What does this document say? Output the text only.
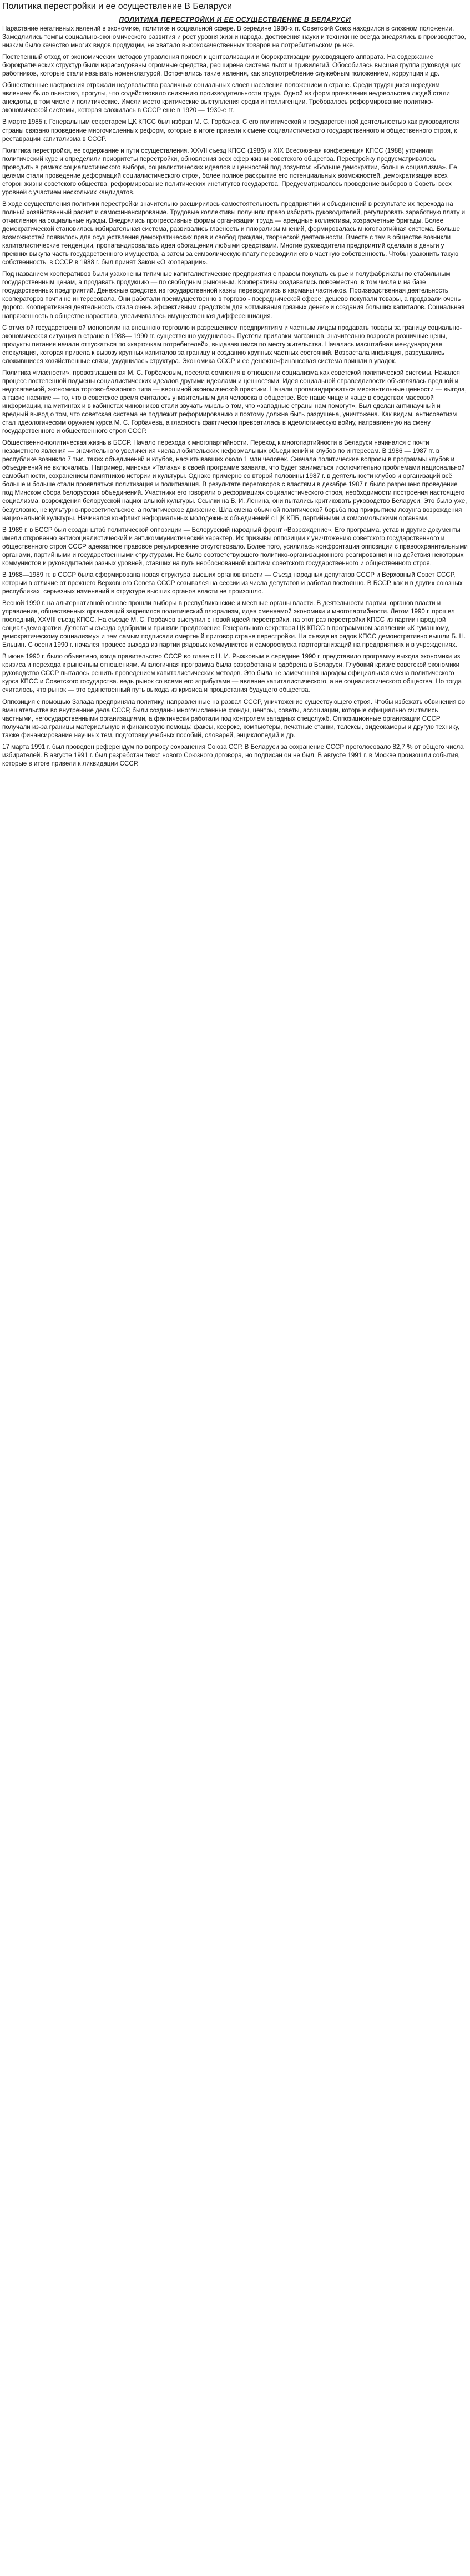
Политика перестройки и ее осуществление В Беларуси
ПОЛИТИКА ПЕРЕСТРОЙКИ И ЕЕ ОСУЩЕСТВЛЕНИЕ В БЕЛАРУСИ

Нарастание негативных явлений в экономике, политике и социальной сфере. В середине 1980-х гг. Советский Союз находился в сложном положении. Замедлились темпы социально-экономического развития и рост уровня жизни народа, достижения науки и техники не всегда внедрялись в производство, низким было качество многих видов продукции, не хватало высококачественных товаров на потребительском рынке.

Постепенный отход от экономических методов управления привел к централизации и бюрократизации руководящего аппарата. На содержание бюрократических структур были израсходованы огромные средства, расширена система льгот и привилегий. Обособилась высшая группа руководящих работников, которые стали называть номенклатурой. Встречались такие явления, как злоупотребление служебным положением, коррупция и др.

Общественные настроения отражали недовольство различных социальных слоев населения положением в стране. Среди трудящихся нередким явлением было пьянство, прогулы, что содействовало снижению производительности труда. Одной из форм проявления недовольства людей стали анекдоты, в том числе и политические. Имели место критические выступления среди интеллигенции. Требовалось реформирование политико-экономической системы, которая сложилась в СССР еще в 1920 — 1930-е гг.

В марте 1985 г. Генеральным секретарем ЦК КПСС был избран М. С. Горбачев. С его политической и государственной деятельностью как руководителя страны связано проведение многочисленных реформ, которые в итоге привели к смене социалистического государственного и общественного строя, к реставрации капитализма в СССР.

Политика перестройки, ее содержание и пути осуществления. XXVII съезд КПСС (1986) и XIX Всесоюзная конференция КПСС (1988) уточнили политический курс и определили приоритеты перестройки, обновления всех сфер жизни советского общества. Перестройку предусматривалось проводить в рамках социалистического выбора, социалистических идеалов и ценностей под лозунгом: «Больше демократии, больше социализма». Ее целями стали проведение деформаций социалистического строя, более полное раскрытие его потенциальных возможностей, демократизация всех сторон жизни советского общества, реформирование политических институтов государства. Предусматривалось проведение выборов в Советы всех уровней с участием нескольких кандидатов.

В ходе осуществления политики перестройки значительно расширилась самостоятельность предприятий и объединений в результате их перехода на полный хозяйственный расчет и самофинансирование. Трудовые коллективы получили право избирать руководителей, регулировать заработную плату и отчисления на социальные нужды. Внедрялись прогрессивные формы организации труда — арендные коллективы, хозрасчетные бригады. Более демократической становилась избирательная система, развивались гласность и плюрализм мнений, формировалась многопартийная система. Больше возможностей появилось для осуществления демократических прав и свобод граждан, творческой деятельности. Вместе с тем в обществе возникли капиталистические тенденции, пропагандировалась идея обогащения любыми средствами. Многие руководители предприятий сделали в деньги у прежних выкупа часть государственного имущества, а затем за символическую плату переводили его в частную собственность. Чтобы узаконить такую собственность, в СССР в 1988 г. был принят Закон «О кооперации».

Под названием кооперативов были узаконены типичные капиталистические предприятия с правом покупать сырье и полуфабрикаты по стабильным государственным ценам, а продавать продукцию — по свободным рыночным. Кооперативы создавались повсеместно, в том числе и на базе государственных предприятий. Денежные средства из государственной казны переводились в карманы частников. Производственная деятельность кооператоров почти не интересовала. Они работали преимущественно в торгово - посреднической сфере: дешево покупали товары, а продавали очень дорого. Кооперативная деятельность стала очень эффективным средством для «отмывания грязных денег» и создания больших капиталов. Социальная напряженность в обществе нарастала, увеличивалась имущественная дифференциация.

С отменой государственной монополии на внешнюю торговлю и разрешением предприятиям и частным лицам продавать товары за границу социально-экономическая ситуация в стране в 1988— 1990 гг. существенно ухудшилась. Пустели прилавки магазинов, значительно возросли розничные цены, продукты питания начали отпускаться по «карточкам потребителей», выдававшимся по месту жительства. Началась масштабная международная спекуляция, которая привела к вывозу крупных капиталов за границу и созданию крупных частных состояний. Возрастала инфляция, разрушались сложившиеся хозяйственные связи, ухудшилась структура. Экономика СССР и ее денежно-финансовая система пришли в упадок.

Политика «гласности», провозглашенная М. С. Горбачевым, посеяла сомнения в отношении социализма как советской политической системы. Начался процесс постепенной подмены социалистических идеалов другими идеалами и ценностями. Идея социальной справедливости объявлялась вредной и недосягаемой, экономика торгово-базарного типа — вершиной экономической практики. Начали пропагандироваться меркантильные ценности — выгода, а также насилие — то, что в советское время считалось унизительным для человека в обществе. Все наше чище и чаще в средствах массовой информации, на митингах и в кабинетах чиновников стали звучать мысль о том, что «западные страны нам помогут». Был сделан антинаучный и вредный вывод о том, что советская система не подлежит реформированию и поэтому должна быть разрушена, уничтожена. Как видим, антисоветизм стал идеологическим оружием курса М. С. Горбачева, а гласность фактически превратилась в идеологическую войну, направленную на смену государственного и общественного строя СССР.

Общественно-политическая жизнь в БССР. Начало перехода к многопартийности. Переход к многопартийности в Беларуси начинался с почти незаметного явления — значительного увеличения числа любительских неформальных объединений и клубов по интересам. В 1986 — 1987 гг. в республике возникло 7 тыс. таких объединений и клубов, насчитывавших около 1 млн человек. Сначала политические вопросы в программы клубов и объединений не включались. Например, минская «Талака» в своей программе заявила, что будет заниматься исключительно проблемами национальной самобытности, сохранением памятников истории и культуры. Однако примерно со второй половины 1987 г. в деятельности клубов и организаций всё больше и больше стали проявляться политизация и политизация. В результате переговоров с властями в декабре 1987 г. было разрешено проведение под Минском сбора белорусских объединений. Участники его говорили о деформациях социалистического строя, необходимости построения настоящего социализма, возрождения белорусской национальной культуры. Ссылки на В. И. Ленина, они пытались критиковать руководство Беларуси. Это было уже, безусловно, не культурно-просветительское, а политическое движение. Шла смена обычной политической борьба под прикрытием лозунга возрождения национальной культуры. Начинался конфликт неформальных молодежных объединений с ЦК КПБ, партийными и комсомольскими органами.

В 1989 г. в БССР был создан штаб политической оппозиции — Белорусский народный фронт «Возрождение». Его программа, устав и другие документы имели откровенно антисоциалистический и антикоммунистический характер. Их призывы оппозиции к уничтожению советского государственного и общественного строя СССР адекватное правовое регулирование отсутствовало. Более того, усилилась конфронтация оппозиции с правоохранительными органами, партийными и государственными структурами. Не было соответствующего политико-организационного реагирования и на действия некоторых коммунистов и руководителей разных уровней, ставших на путь необоснованной критики советского государственного и общественного строя.

В 1988—1989 гг. в СССР была сформирована новая структура высших органов власти — Съезд народных депутатов СССР и Верховный Совет СССР, который в отличие от прежнего Верховного Совета СССР созывался на сессии из числа депутатов и работал постоянно. В БССР, как и в других союзных республиках, серьезных изменений в структуре высших органов власти не произошло.

Весной 1990 г. на альтернативной основе прошли выборы в республиканские и местные органы власти. В деятельности партии, органов власти и управления, общественных организаций закрепился политический плюрализм, идея сменяемой экономики и многопартийности. Летом 1990 г. прошел последний, XXVIII съезд КПСС. На съезде М. С. Горбачев выступил с новой идеей перестройки, на этот раз перестройки КПСС из партии народной социал-демократии. Делегаты съезда одобрили и приняли предложение Генерального секретаря ЦК КПСС в программном заявлении «К гуманному, демократическому социализму» и тем самым подписали смертный приговор стране перестройки. На съезде из рядов КПСС демонстративно вышли Б. Н. Ельцин. С осени 1990 г. начался процесс выхода из партии рядовых коммунистов и самороспуска партгорганизаций на предприятиях и в учреждениях.

В июне 1990 г. было объявлено, когда правительство СССР во главе с Н. И. Рыжковым в середине 1990 г. представило программу выхода экономики из кризиса и перехода к рыночным отношениям. Аналогичная программа была разработана и одобрена в Беларуси. Глубокий кризис советской экономики руководство СССР пыталось решить проведением капиталистических методов. Это была не замеченная народом официальная смена политического курса КПСС и Советского государства. ведь рынок со всеми его атрибутами — явление капиталистического, а не социалистического общества. Но тогда считалось, что рынок — это единственный путь выхода из кризиса и процветания будущего общества.

Оппозиция с помощью Запада предприняла политику, направленные на развал СССР, уничтожение существующего строя. Чтобы избежать обвинения во вмешательстве во внутренние дела СССР, были созданы многочисленные фонды, центры, советы, ассоциации, которые официально считались частными, негосударственными организациями, а фактически работали под контролем западных спецслужб. Оппозиционные организации СССР получали из-за границы материальную и финансовую помощь: факсы, ксерокс, компьютеры, печатные станки, телексы, видеокамеры и другую технику, также финансирование научных тем, подготовку учебных пособий, словарей, энциклопедий и др.

17 марта 1991 г. был проведен референдум по вопросу сохранения Союза ССР. В Беларуси за сохранение СССР проголосовало 82,7 % от общего числа избирателей. В августе 1991 г. был разработан текст нового Союзного договора, но подписан он не был. В августе 1991 г. в Москве произошли события, которые в итоге привели к ликвидации СССР.
